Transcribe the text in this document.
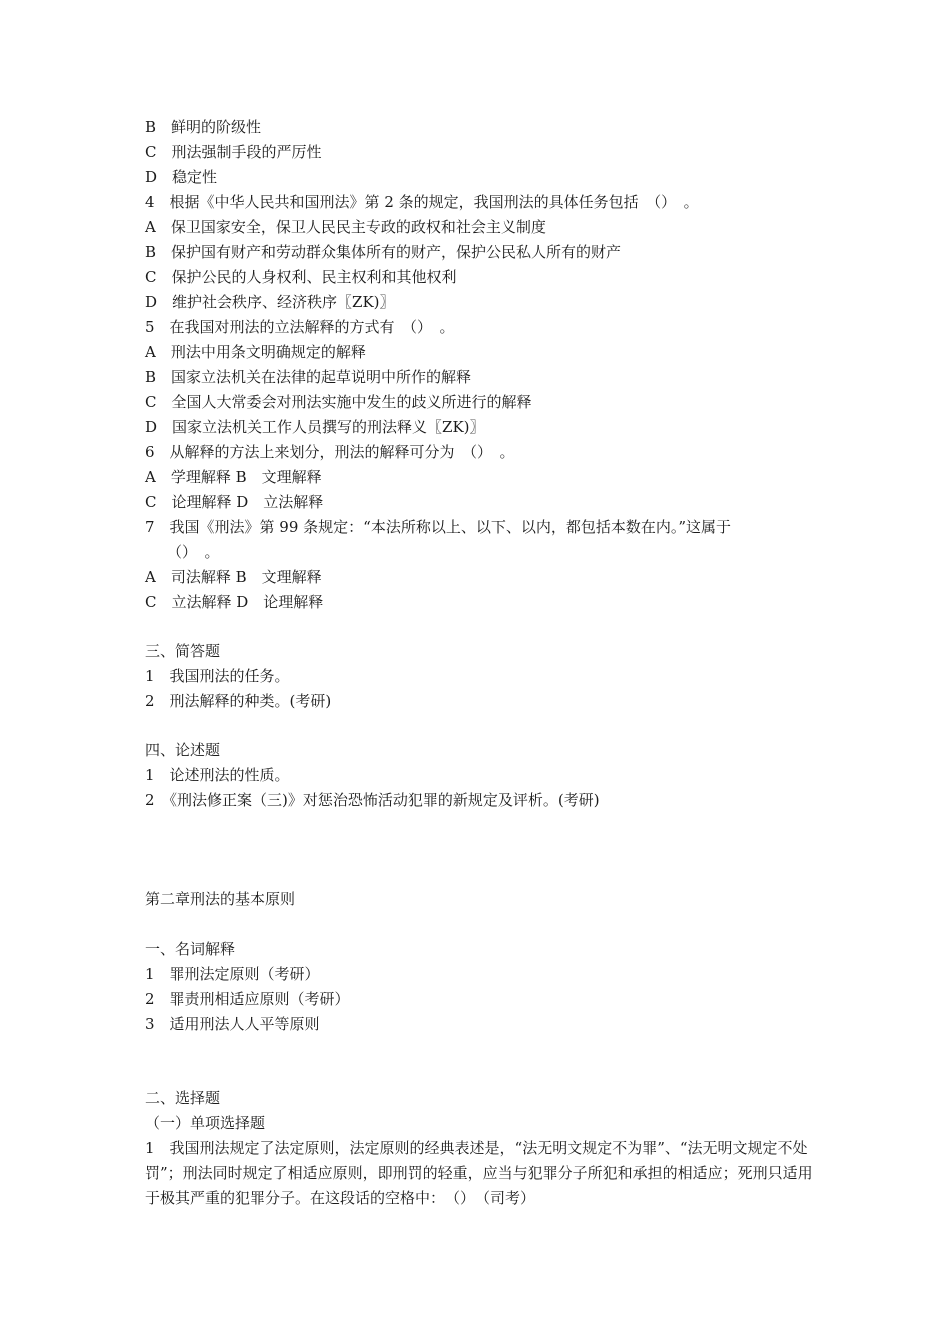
B　鲜明的阶级性
C　刑法强制手段的严厉性
D　稳定性
4　根据《中华人民共和国刑法》第 2 条的规定，我国刑法的具体任务包括　（）　。
A　保卫国家安全，保卫人民民主专政的政权和社会主义制度
B　保护国有财产和劳动群众集体所有的财产，保护公民私人所有的财产
C　保护公民的人身权利、民主权利和其他权利
D　维护社会秩序、经济秩序〖ZK)〗
5　在我国对刑法的立法解释的方式有　（）　。
A　刑法中用条文明确规定的解释
B　国家立法机关在法律的起草说明中所作的解释
C　全国人大常委会对刑法实施中发生的歧义所进行的解释
D　国家立法机关工作人员撰写的刑法释义〖ZK)〗
6　从解释的方法上来划分，刑法的解释可分为　（）　。
A　学理解释 B　文理解释
C　论理解释 D　立法解释
7　我国《刑法》第 99 条规定：“本法所称以上、以下、以内，都包括本数在内。”这属于
（）　。
A　司法解释 B　文理解释
C　立法解释 D　论理解释
三、简答题
1　我国刑法的任务。
2　刑法解释的种类。(考研)
四、论述题
1　论述刑法的性质。
2　《刑法修正案（三)》对惩治恐怖活动犯罪的新规定及评析。(考研)
第二章刑法的基本原则
一、名词解释
1　罪刑法定原则（考研）
2　罪责刑相适应原则（考研）
3　适用刑法人人平等原则
二、选择题
（一）单项选择题
1　我国刑法规定了法定原则，法定原则的经典表述是，“法无明文规定不为罪”、“法无明文规定不处罚”；刑法同时规定了相适应原则，即刑罚的轻重，应当与犯罪分子所犯和承担的相适应；死刑只适用于极其严重的犯罪分子。在这段话的空格中：　（）　（司考）
